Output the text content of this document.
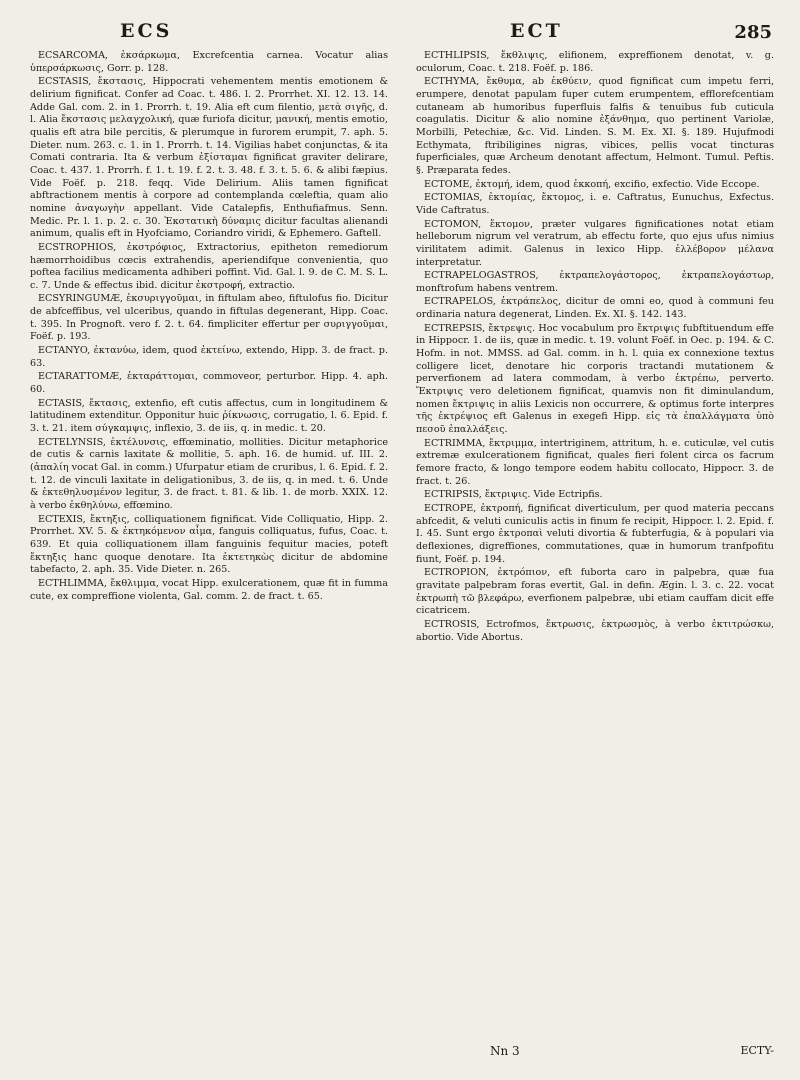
ECS	ECT	285

ECSARCOMA, ἐκσάρκωμα, Excrefcentia carnea. Vocatur alias ὑπερσάρκωσις, Gorr. p. 128.

ECSTASIS, ἔκστασις, Hippocrati vehementem mentis emotionem & delirium fignificat. Confer ad Coac. t. 486. l. 2. Prorrhet. XI. 12. 13. 14. Adde Gal. com. 2. in 1. Prorrh. t. 19. Alia eft cum filentio, μετὰ σιγῆς, d. l. Alia ἔκστασις μελαγχολική, quæ furiofa dicitur, μανική, mentis emotio, qualis eft atra bile percitis, & plerumque in furorem erumpit, 7. aph. 5. Dieter. num. 263. c. 1. in 1. Prorrh. t. 14. Vigilias habet conjunctas, & ita Comati contraria. Ita & verbum ἐξίσταμαι fignificat graviter delirare, Coac. t. 437. 1. Prorrh. f. 1. t. 19. f. 2. t. 3. 48. f. 3. t. 5. 6. & alibi fæpius. Vide Foëf. p. 218. feqq. Vide Delirium. Aliis tamen fignificat abftractionem mentis à corpore ad contemplanda cœleftia, quam alio nomine ἀναγωγὴν appellant. Vide Catalepfis, Enthufiafmus. Senn. Medic. Pr. l. 1. p. 2. c. 30. Ἐκστατικὴ δύναμις dicitur facultas alienandi animum, qualis eft in Hyofciamo, Coriandro viridi, & Ephemero. Gaftell.

ECSTROPHIOS, ἐκστρόφιος, Extractorius, epitheton remediorum hæmorrhoidibus cœcis extrahendis, aperiendifque convenientia, quo poftea facilius medicamenta adhiberi poffint. Vid. Gal. l. 9. de C. M. S. L. c. 7. Unde & effectus ibid. dicitur ἐκστροφή, extractio.

ECSYRINGUMÆ, ἐκσυριγγοῦμαι, in fiftulam abeo, fiftulofus fio. Dicitur de abfceffibus, vel ulceribus, quando in fiftulas degenerant, Hipp. Coac. t. 395. In Prognoft. vero f. 2. t. 64. fimpliciter effertur per συριγγοῦμαι, Foëf. p. 193.

ECTANYO, ἐκτανύω, idem, quod ἐκτείνω, extendo, Hipp. 3. de fract. p. 63.

ECTARATTOMÆ, ἐκταράττομαι, commoveor, perturbor. Hipp. 4. aph. 60.

ECTASIS, ἔκτασις, extenfio, eft cutis affectus, cum in longitudinem & latitudinem extenditur. Opponitur huic ῥίκνωσις, corrugatio, l. 6. Epid. f. 3. t. 21. item σύγκαμψις, inflexio, 3. de iis, q. in medic. t. 20.

ECTELYNSIS, ἐκτέλυνσις, effœminatio, mollities. Dicitur metaphorice de cutis & carnis laxitate & mollitie, 5. aph. 16. de humid. uf. III. 2. (ἀπαλίη vocat Gal. in comm.) Ufurpatur etiam de cruribus, l. 6. Epid. f. 2. t. 12. de vinculi laxitate in deligationibus, 3. de iis, q. in med. t. 6. Unde & ἐκτεθηλυσμένον legitur, 3. de fract. t. 81. & lib. 1. de morb. XXIX. 12. à verbo ἐκθηλύνω, effœmino.

ECTEXIS, ἔκτηξις, colliquationem fignificat. Vide Colliquatio, Hipp. 2. Prorrhet. XV. 5. & ἐκτηκόμενον αἷμα, fanguis colliquatus, fufus, Coac. t. 639. Et quia colliquationem illam fanguinis fequitur macies, poteft ἔκτηξις hanc quoque denotare. Ita ἐκτετηκὼς dicitur de abdomine tabefacto, 2. aph. 35. Vide Dieter. n. 265.

ECTHLIMMA, ἔκθλιμμα, vocat Hipp. exulcerationem, quæ fit in fumma cute, ex compreffione violenta, Gal. comm. 2. de fract. t. 65.

ECTHLIPSIS, ἔκθλιψις, elifionem, expreffionem denotat, v. g. oculorum, Coac. t. 218. Foëf. p. 186.

ECTHYMA, ἔκθυμα, ab ἐκθύειν, quod fignificat cum impetu ferri, erumpere, denotat papulam fuper cutem erumpentem, efflorefcentiam cutaneam ab humoribus fuperfluis falfis & tenuibus fub cuticula coagulatis. Dicitur & alio nomine ἐξάνθημα, quo pertinent Variolæ, Morbilli, Petechiæ, &c. Vid. Linden. S. M. Ex. XI. §. 189. Hujufmodi Ecthymata, ftribiligines nigras, vibices, pellis vocat tincturas fuperficiales, quæ Archeum denotant affectum, Helmont. Tumul. Peftis. §. Præparata fedes.

ECTOME, ἐκτομή, idem, quod ἐκκοπή, excifio, exfectio. Vide Eccope.

ECTOMIAS, ἐκτομίας, ἔκτομος, i. e. Caftratus, Eunuchus, Exfectus. Vide Caftratus.

ECTOMON, ἔκτομον, præter vulgares fignificationes notat etiam helleborum nigrum vel veratrum, ab effectu forte, quo ejus ufus nimius virilitatem adimit. Galenus in lexico Hipp. ἐλλέβορον μέλανα interpretatur.

ECTRAPELOGASTROS, ἐκτραπελογάστορος, ἐκτραπελογάστωρ, monftrofum habens ventrem.

ECTRAPELOS, ἐκτράπελος, dicitur de omni eo, quod à communi feu ordinaria natura degenerat, Linden. Ex. XI. §. 142. 143.

ECTREPSIS, ἔκτρεψις. Hoc vocabulum pro ἔκτριψις fubftituendum effe in Hippocr. 1. de iis, quæ in medic. t. 19. volunt Foëf. in Oec. p. 194. & C. Hofm. in not. MMSS. ad Gal. comm. in h. l. quia ex connexione textus colligere licet, denotare hic corporis tractandi mutationem & perverfionem ad latera commodam, à verbo ἐκτρέπω, perverto. Ἔκτριψις vero deletionem fignificat, quamvis non fit diminulandum, nomen ἔκτριψις in aliis Lexicis non occurrere, & optimus forte interpres τῆς ἐκτρέψιος eft Galenus in exegefi Hipp. εἰς τὰ ἐπαλλάγματα ὑπὸ πεσοῦ ἐπαλλάξεις.

ECTRIMMA, ἔκτριμμα, intertriginem, attritum, h. e. cuticulæ, vel cutis extremæ exulcerationem fignificat, quales fieri folent circa os facrum femore fracto, & longo tempore eodem habitu collocato, Hippocr. 3. de fract. t. 26.

ECTRIPSIS, ἔκτριψις. Vide Ectripfis.

ECTROPE, ἐκτροπή, fignificat diverticulum, per quod materia peccans abfcedit, & veluti cuniculis actis in finum fe recipit, Hippocr. l. 2. Epid. f. I. 45. Sunt ergo ἐκτροπαὶ veluti divortia & fubterfugia, & à populari via deflexiones, digreffiones, commutationes, quæ in humorum tranfpofitu fiunt, Foëf. p. 194.

ECTROPION, ἐκτρόπιον, eft fuborta caro in palpebra, quæ fua gravitate palpebram foras evertit, Gal. in defin. Ægin. l. 3. c. 22. vocat ἐκτρωπὴ τῶ βλεφάρω, everfionem palpebræ, ubi etiam cauffam dicit effe cicatricem.

ECTROSIS, Ectrofmos, ἔκτρωσις, ἐκτρωσμὸς, à verbo ἐκτιτρώσκω, abortio. Vide Abortus.

Nn 3	ECTY-
